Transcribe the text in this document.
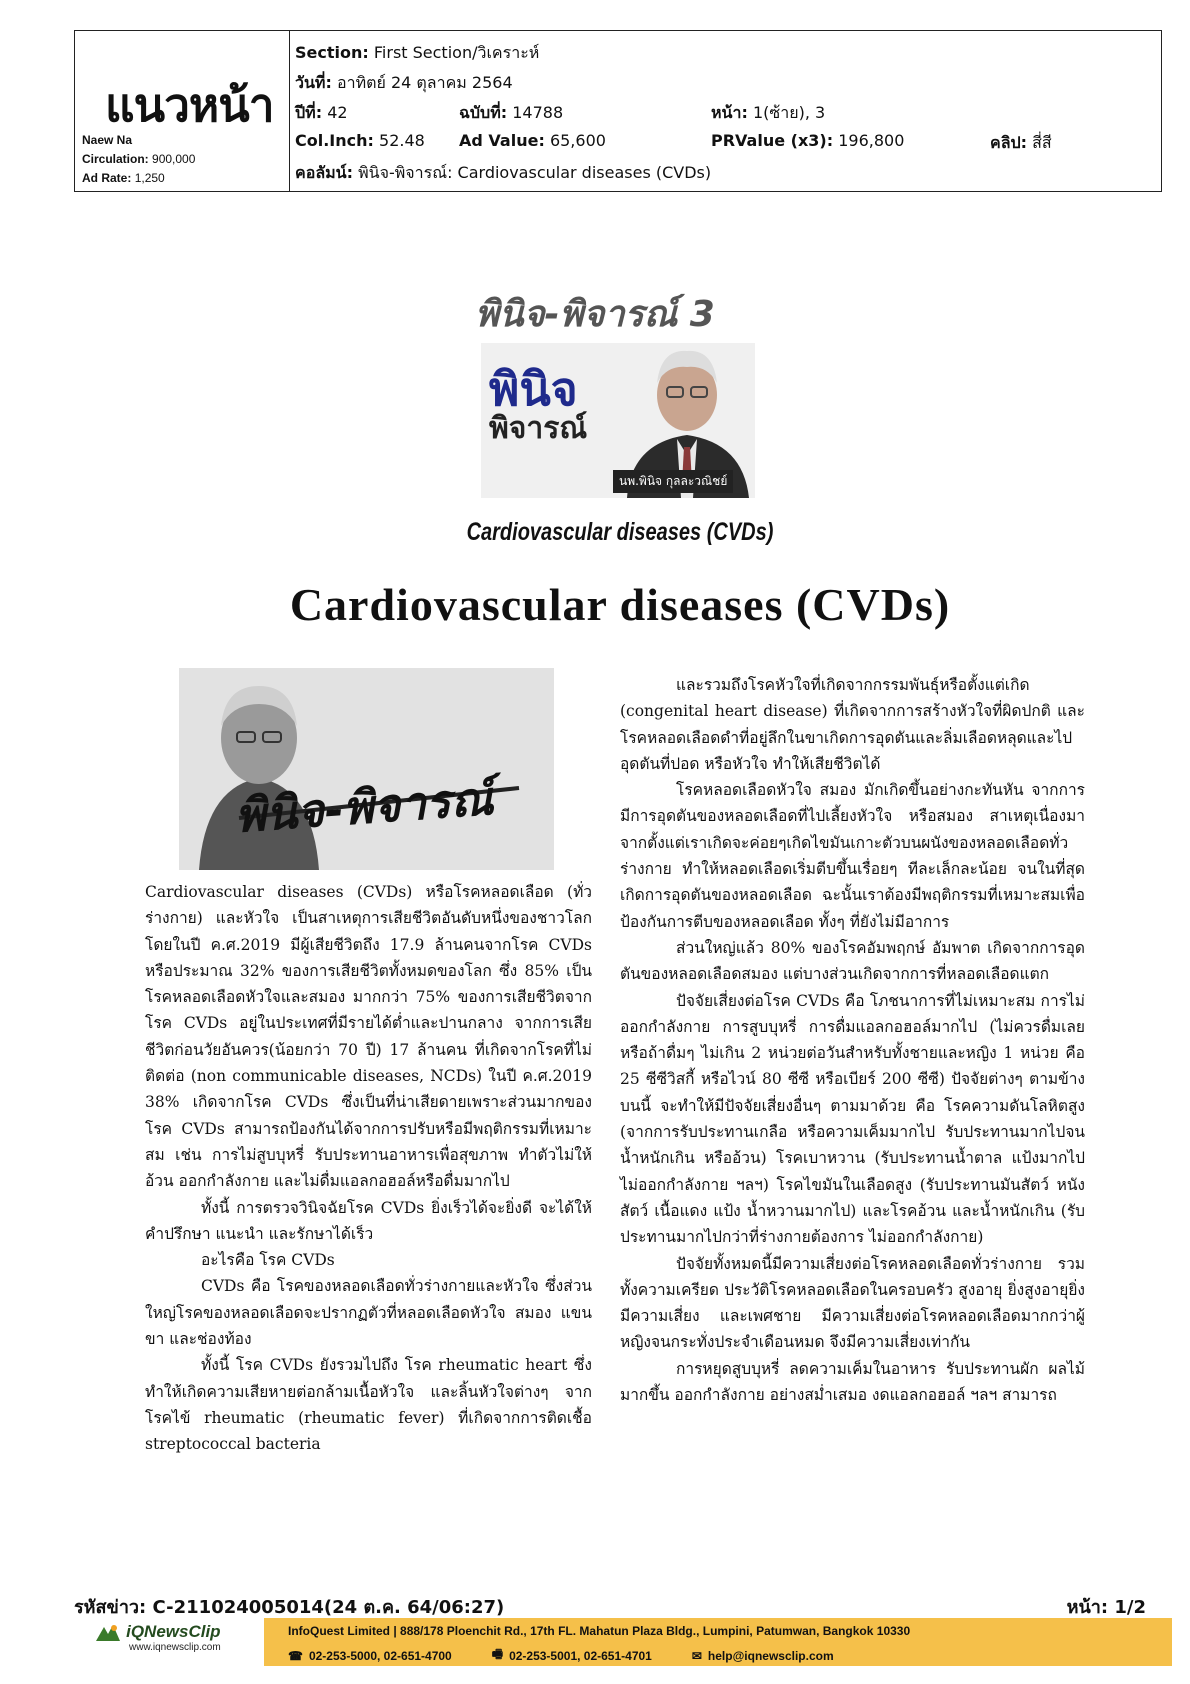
แนวหน้า
Naew Na
Circulation: 900,000
Ad Rate: 1,250
Section: First Section/วิเคราะห์
วันที่: อาทิตย์ 24 ตุลาคม 2564
ปีที่: 42	ฉบับที่: 14788	หน้า: 1(ซ้าย), 3
Col.Inch: 52.48 Ad Value: 65,600	PRValue (x3): 196,800	คลิป: สี่สี
คอลัมน์: พินิจ-พิจารณ์: Cardiovascular diseases (CVDs)
พินิจ-พิจารณ์ 3
พินิจ
พิจารณ์
นพ.พินิจ กุลละวณิชย์
Cardiovascular diseases (CVDs)
Cardiovascular diseases (CVDs)
พินิจ-พิจารณ์

Cardiovascular diseases (CVDs) หรือโรคหลอดเลือด (ทั่วร่างกาย) และหัวใจ เป็นสาเหตุการเสียชีวิตอันดับหนึ่งของชาวโลก โดยในปี ค.ศ.2019 มีผู้เสียชีวิตถึง 17.9 ล้านคนจากโรค CVDs หรือประมาณ 32% ของการเสียชีวิตทั้งหมดของโลก ซึ่ง 85% เป็นโรคหลอดเลือดหัวใจและสมอง มากกว่า 75% ของการเสียชีวิตจากโรค CVDs อยู่ในประเทศที่มีรายได้ต่ำและปานกลาง จากการเสียชีวิตก่อนวัยอันควร(น้อยกว่า 70 ปี) 17 ล้านคน ที่เกิดจากโรคที่ไม่ติดต่อ (non communicable diseases, NCDs) ในปี ค.ศ.2019 38% เกิดจากโรค CVDs ซึ่งเป็นที่น่าเสียดายเพราะส่วนมากของโรค CVDs สามารถป้องกันได้จากการปรับหรือมีพฤติกรรมที่เหมาะสม เช่น การไม่สูบบุหรี่ รับประทานอาหารเพื่อสุขภาพ ทำตัวไม่ให้อ้วน ออกกำลังกาย และไม่ดื่มแอลกอฮอล์หรือดื่มมากไป

ทั้งนี้ การตรวจวินิจฉัยโรค CVDs ยิ่งเร็วได้จะยิ่งดี จะได้ให้คำปรึกษา แนะนำ และรักษาได้เร็ว

อะไรคือ โรค CVDs

CVDs คือ โรคของหลอดเลือดทั่วร่างกายและหัวใจ ซึ่งส่วนใหญ่โรคของหลอดเลือดจะปรากฏตัวที่หลอดเลือดหัวใจ สมอง แขน ขา และช่องท้อง

ทั้งนี้ โรค CVDs ยังรวมไปถึง โรค rheumatic heart ซึ่งทำให้เกิดความเสียหายต่อกล้ามเนื้อหัวใจ และลิ้นหัวใจต่างๆ จากโรคไข้ rheumatic (rheumatic fever) ที่เกิดจากการติดเชื้อ streptococcal bacteria

และรวมถึงโรคหัวใจที่เกิดจากกรรมพันธุ์หรือตั้งแต่เกิด (congenital heart disease) ที่เกิดจากการสร้างหัวใจที่ผิดปกติ และโรคหลอดเลือดดำที่อยู่ลึกในขาเกิดการอุดตันและลิ่มเลือดหลุดและไปอุดตันที่ปอด หรือหัวใจ ทำให้เสียชีวิตได้

โรคหลอดเลือดหัวใจ สมอง มักเกิดขึ้นอย่างกะทันหัน จากการมีการอุดตันของหลอดเลือดที่ไปเลี้ยงหัวใจ หรือสมอง สาเหตุเนื่องมาจากตั้งแต่เราเกิดจะค่อยๆเกิดไขมันเกาะตัวบนผนังของหลอดเลือดทั่วร่างกาย ทำให้หลอดเลือดเริ่มตีบขึ้นเรื่อยๆ ทีละเล็กละน้อย จนในที่สุดเกิดการอุดตันของหลอดเลือด ฉะนั้นเราต้องมีพฤติกรรมที่เหมาะสมเพื่อป้องกันการตีบของหลอดเลือด ทั้งๆ ที่ยังไม่มีอาการ

ส่วนใหญ่แล้ว 80% ของโรคอัมพฤกษ์ อัมพาต เกิดจากการอุดตันของหลอดเลือดสมอง แต่บางส่วนเกิดจากการที่หลอดเลือดแตก

ปัจจัยเสี่ยงต่อโรค CVDs คือ โภชนาการที่ไม่เหมาะสม การไม่ออกกำลังกาย การสูบบุหรี่ การดื่มแอลกอฮอล์มากไป (ไม่ควรดื่มเลยหรือถ้าดื่มๆ ไม่เกิน 2 หน่วยต่อวันสำหรับทั้งชายและหญิง 1 หน่วย คือ 25 ซีซีวิสกี้ หรือไวน์ 80 ซีซี หรือเบียร์ 200 ซีซี) ปัจจัยต่างๆ ตามข้างบนนี้ จะทำให้มีปัจจัยเสี่ยงอื่นๆ ตามมาด้วย คือ โรคความดันโลหิตสูง (จากการรับประทานเกลือ หรือความเค็มมากไป รับประทานมากไปจนน้ำหนักเกิน หรืออ้วน) โรคเบาหวาน (รับประทานน้ำตาล แป้งมากไป ไม่ออกกำลังกาย ฯลฯ) โรคไขมันในเลือดสูง (รับประทานมันสัตว์ หนังสัตว์ เนื้อแดง แป้ง น้ำหวานมากไป) และโรคอ้วน และน้ำหนักเกิน (รับประทานมากไปกว่าที่ร่างกายต้องการ ไม่ออกกำลังกาย)

ปัจจัยทั้งหมดนี้มีความเสี่ยงต่อโรคหลอดเลือดทั่วร่างกาย รวมทั้งความเครียด ประวัติโรคหลอดเลือดในครอบครัว สูงอายุ ยิ่งสูงอายุยิ่งมีความเสี่ยง และเพศชาย มีความเสี่ยงต่อโรคหลอดเลือดมากกว่าผู้หญิงจนกระทั่งประจำเดือนหมด จึงมีความเสี่ยงเท่ากัน

การหยุดสูบบุหรี่ ลดความเค็มในอาหาร รับประทานผัก ผลไม้มากขึ้น ออกกำลังกาย อย่างสม่ำเสมอ งดแอลกอฮอล์ ฯลฯ สามารถ

รหัสข่าว: C-211024005014(24 ต.ค. 64/06:27)	หน้า: 1/2
iQNewsClip
www.iqnewsclip.com
InfoQuest Limited | 888/178 Ploenchit Rd., 17th FL. Mahatun Plaza Bldg., Lumpini, Patumwan, Bangkok 10330
☎ 02-253-5000, 02-651-4700	🖷 02-253-5001, 02-651-4701	✉ help@iqnewsclip.com
